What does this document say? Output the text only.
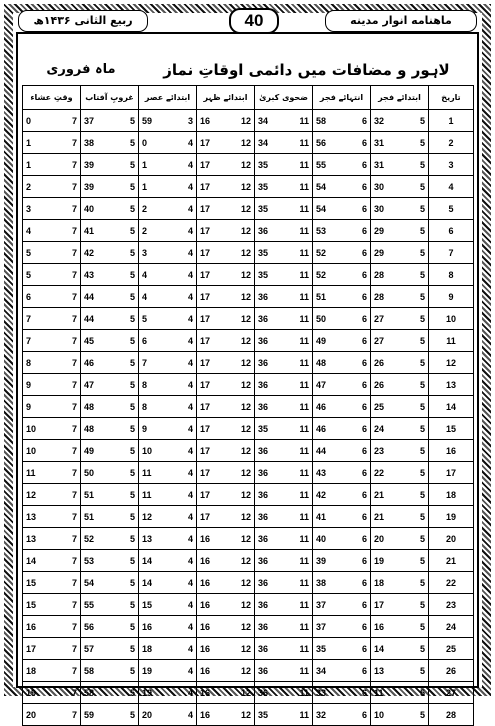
ربیع الثانی ۱۴۳۶ھ	40	ماهنامه انوار مدینه
ماہ فروری	لاہور و مضافات میں دائمی اوقاتِ نماز
وقتِ عشاء	غروبِ آفتاب	ابتدائے عصر	ابتدائے ظہر	ضحوی کبریٰ	انتہائے فجر	ابتدائے فجر	تاریخ

0 7	37 5	59 3	16 12	34 11	58 6	32 5	1

1 7	38 5	0 4	17 12	34 11	56 6	31 5	2

1 7	39 5	1 4	17 12	35 11	55 6	31 5	3

2 7	39 5	1 4	17 12	35 11	54 6	30 5	4

3 7	40 5	2 4	17 12	35 11	54 6	30 5	5

4 7	41 5	2 4	17 12	36 11	53 6	29 5	6

5 7	42 5	3 4	17 12	35 11	52 6	29 5	7

5 7	43 5	4 4	17 12	35 11	52 6	28 5	8

6 7	44 5	4 4	17 12	36 11	51 6	28 5	9

7 7	44 5	5 4	17 12	36 11	50 6	27 5	10

7 7	45 5	6 4	17 12	36 11	49 6	27 5	11

8 7	46 5	7 4	17 12	36 11	48 6	26 5	12

9 7	47 5	8 4	17 12	36 11	47 6	26 5	13

9 7	48 5	8 4	17 12	36 11	46 6	25 5	14

10 7	48 5	9 4	17 12	35 11	46 6	24 5	15

10 7	49 5	10 4	17 12	36 11	44 6	23 5	16

11 7	50 5	11 4	17 12	36 11	43 6	22 5	17

12 7	51 5	11 4	17 12	36 11	42 6	21 5	18

13 7	51 5	12 4	17 12	36 11	41 6	21 5	19

13 7	52 5	13 4	16 12	36 11	40 6	20 5	20

14 7	53 5	14 4	16 12	36 11	39 6	19 5	21

15 7	54 5	14 4	16 12	36 11	38 6	18 5	22

15 7	55 5	15 4	16 12	36 11	37 6	17 5	23

16 7	56 5	16 4	16 12	36 11	37 6	16 5	24

17 7	57 5	18 4	16 12	36 11	35 6	14 5	25

18 7	58 5	19 4	16 12	36 11	34 6	13 5	26

19 7	58 5	19 4	16 12	36 11	33 6	11 5	27

20 7	59 5	20 4	16 12	35 11	32 6	10 5	28
